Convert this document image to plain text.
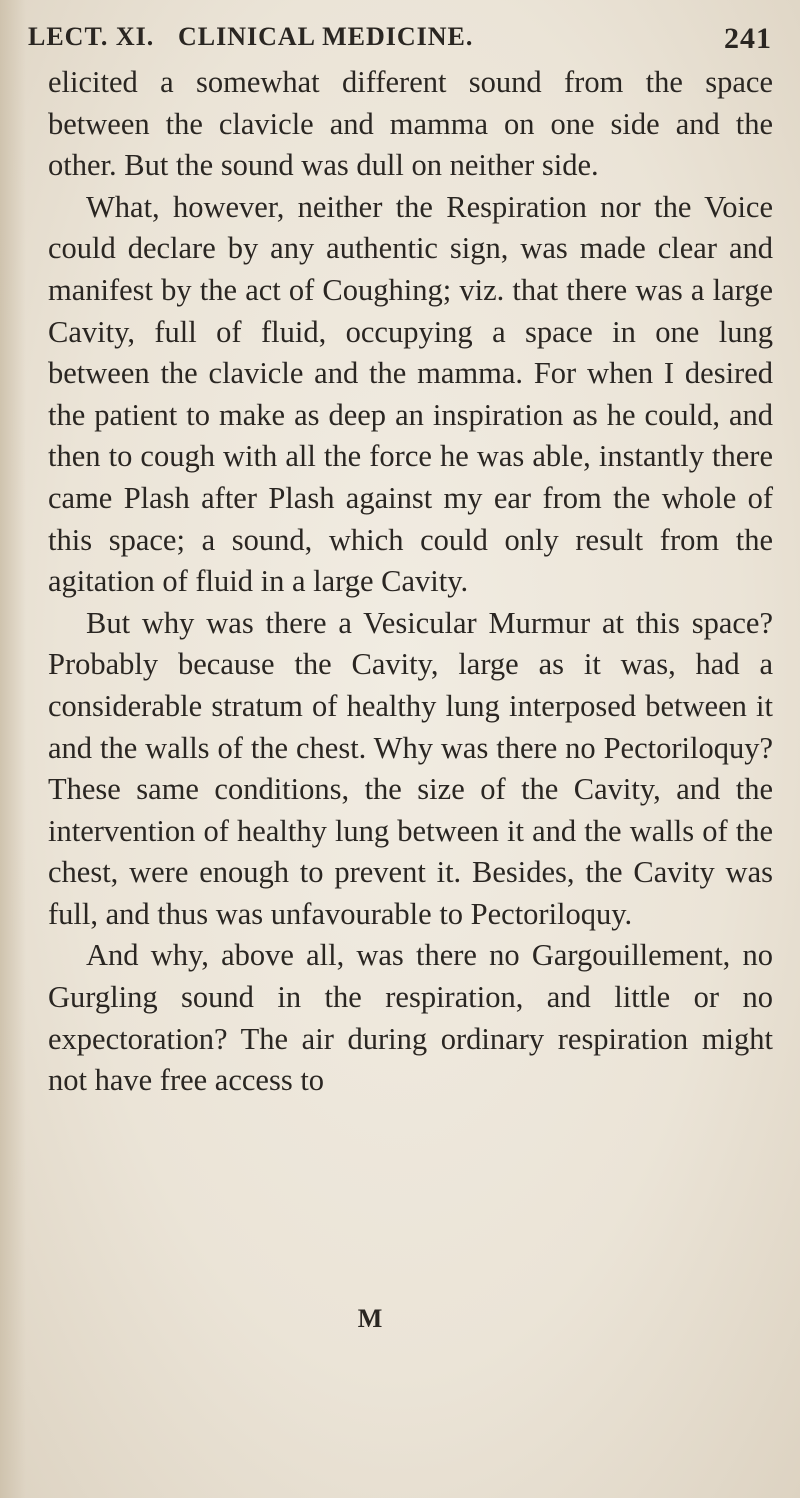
LECT. XI. CLINICAL MEDICINE.	241

elicited a somewhat different sound from the space between the clavicle and mamma on one side and the other. But the sound was dull on neither side.

What, however, neither the Respiration nor the Voice could declare by any authentic sign, was made clear and manifest by the act of Coughing; viz. that there was a large Cavity, full of fluid, occupying a space in one lung between the clavicle and the mamma. For when I desired the patient to make as deep an inspiration as he could, and then to cough with all the force he was able, instantly there came Plash after Plash against my ear from the whole of this space; a sound, which could only result from the agitation of fluid in a large Cavity.

But why was there a Vesicular Murmur at this space? Probably because the Cavity, large as it was, had a considerable stratum of healthy lung interposed between it and the walls of the chest. Why was there no Pectoriloquy? These same conditions, the size of the Cavity, and the intervention of healthy lung between it and the walls of the chest, were enough to prevent it. Besides, the Cavity was full, and thus was unfavourable to Pectoriloquy.

And why, above all, was there no Gargouillement, no Gurgling sound in the respiration, and little or no expectoration? The air during ordinary respiration might not have free access to

M
